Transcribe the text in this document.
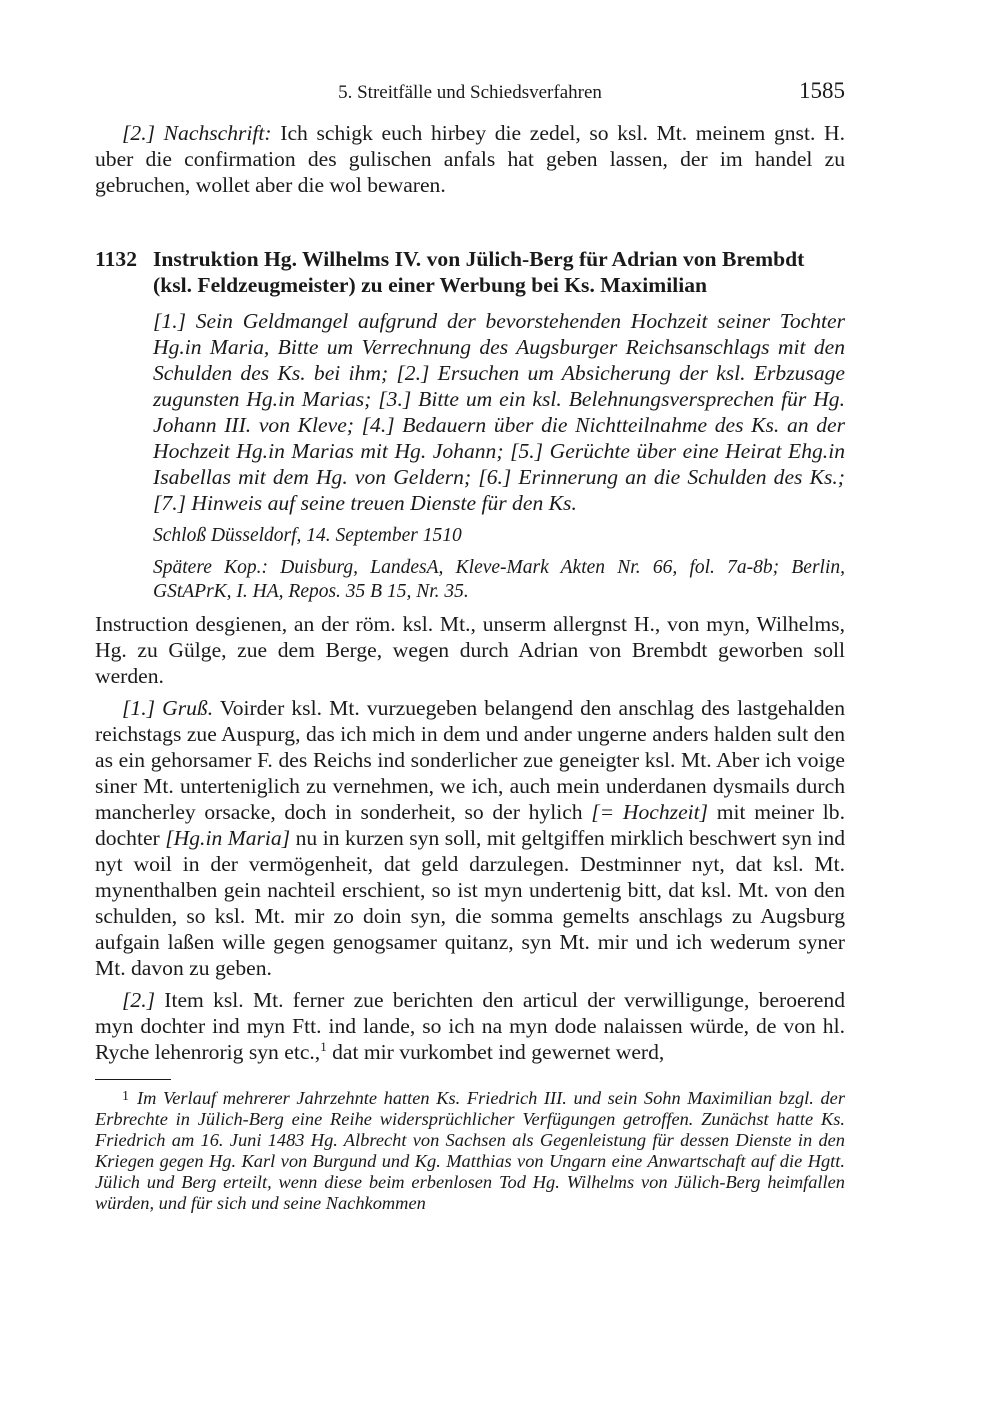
5. Streitfälle und Schiedsverfahren	1585

[2.] Nachschrift: Ich schigk euch hirbey die zedel, so ksl. Mt. meinem gnst. H. uber die confirmation des gulischen anfals hat geben lassen, der im handel zu gebruchen, wollet aber die wol bewaren.

1132 Instruktion Hg. Wilhelms IV. von Jülich-Berg für Adrian von Brembdt (ksl. Feldzeugmeister) zu einer Werbung bei Ks. Maximilian

[1.] Sein Geldmangel aufgrund der bevorstehenden Hochzeit seiner Tochter Hg.in Maria, Bitte um Verrechnung des Augsburger Reichsanschlags mit den Schulden des Ks. bei ihm; [2.] Ersuchen um Absicherung der ksl. Erbzusage zugunsten Hg.in Marias; [3.] Bitte um ein ksl. Belehnungsversprechen für Hg. Johann III. von Kleve; [4.] Bedauern über die Nichtteilnahme des Ks. an der Hochzeit Hg.in Marias mit Hg. Johann; [5.] Gerüchte über eine Heirat Ehg.in Isabellas mit dem Hg. von Geldern; [6.] Erinnerung an die Schulden des Ks.; [7.] Hinweis auf seine treuen Dienste für den Ks.

Schloß Düsseldorf, 14. September 1510

Spätere Kop.: Duisburg, LandesA, Kleve-Mark Akten Nr. 66, fol. 7a-8b; Berlin, GStAPrK, I. HA, Repos. 35 B 15, Nr. 35.

Instruction desgienen, an der röm. ksl. Mt., unserm allergnst H., von myn, Wilhelms, Hg. zu Gülge, zue dem Berge, wegen durch Adrian von Brembdt geworben soll werden.

[1.] Gruß. Voirder ksl. Mt. vurzuegeben belangend den anschlag des lastgehalden reichstags zue Auspurg, das ich mich in dem und ander ungerne anders halden sult den as ein gehorsamer F. des Reichs ind sonderlicher zue geneigter ksl. Mt. Aber ich voige siner Mt. unterteniglich zu vernehmen, we ich, auch mein underdanen dysmails durch mancherley orsacke, doch in sonderheit, so der hylich [= Hochzeit] mit meiner lb. dochter [Hg.in Maria] nu in kurzen syn soll, mit geltgiffen mirklich beschwert syn ind nyt woil in der vermögenheit, dat geld darzulegen. Destminner nyt, dat ksl. Mt. mynenthalben gein nachteil erschient, so ist myn undertenig bitt, dat ksl. Mt. von den schulden, so ksl. Mt. mir zo doin syn, die somma gemelts anschlags zu Augsburg aufgain laßen wille gegen genogsamer quitanz, syn Mt. mir und ich wederum syner Mt. davon zu geben.

[2.] Item ksl. Mt. ferner zue berichten den articul der verwilligunge, beroerend myn dochter ind myn Ftt. ind lande, so ich na myn dode nalaissen würde, de von hl. Ryche lehenrorig syn etc.,$^1$ dat mir vurkombet ind gewernet werd,

$^1$ Im Verlauf mehrerer Jahrzehnte hatten Ks. Friedrich III. und sein Sohn Maximilian bzgl. der Erbrechte in Jülich-Berg eine Reihe widersprüchlicher Verfügungen getroffen. Zunächst hatte Ks. Friedrich am 16. Juni 1483 Hg. Albrecht von Sachsen als Gegenleistung für dessen Dienste in den Kriegen gegen Hg. Karl von Burgund und Kg. Matthias von Ungarn eine Anwartschaft auf die Hgtt. Jülich und Berg erteilt, wenn diese beim erbenlosen Tod Hg. Wilhelms von Jülich-Berg heimfallen würden, und für sich und seine Nachkommen
